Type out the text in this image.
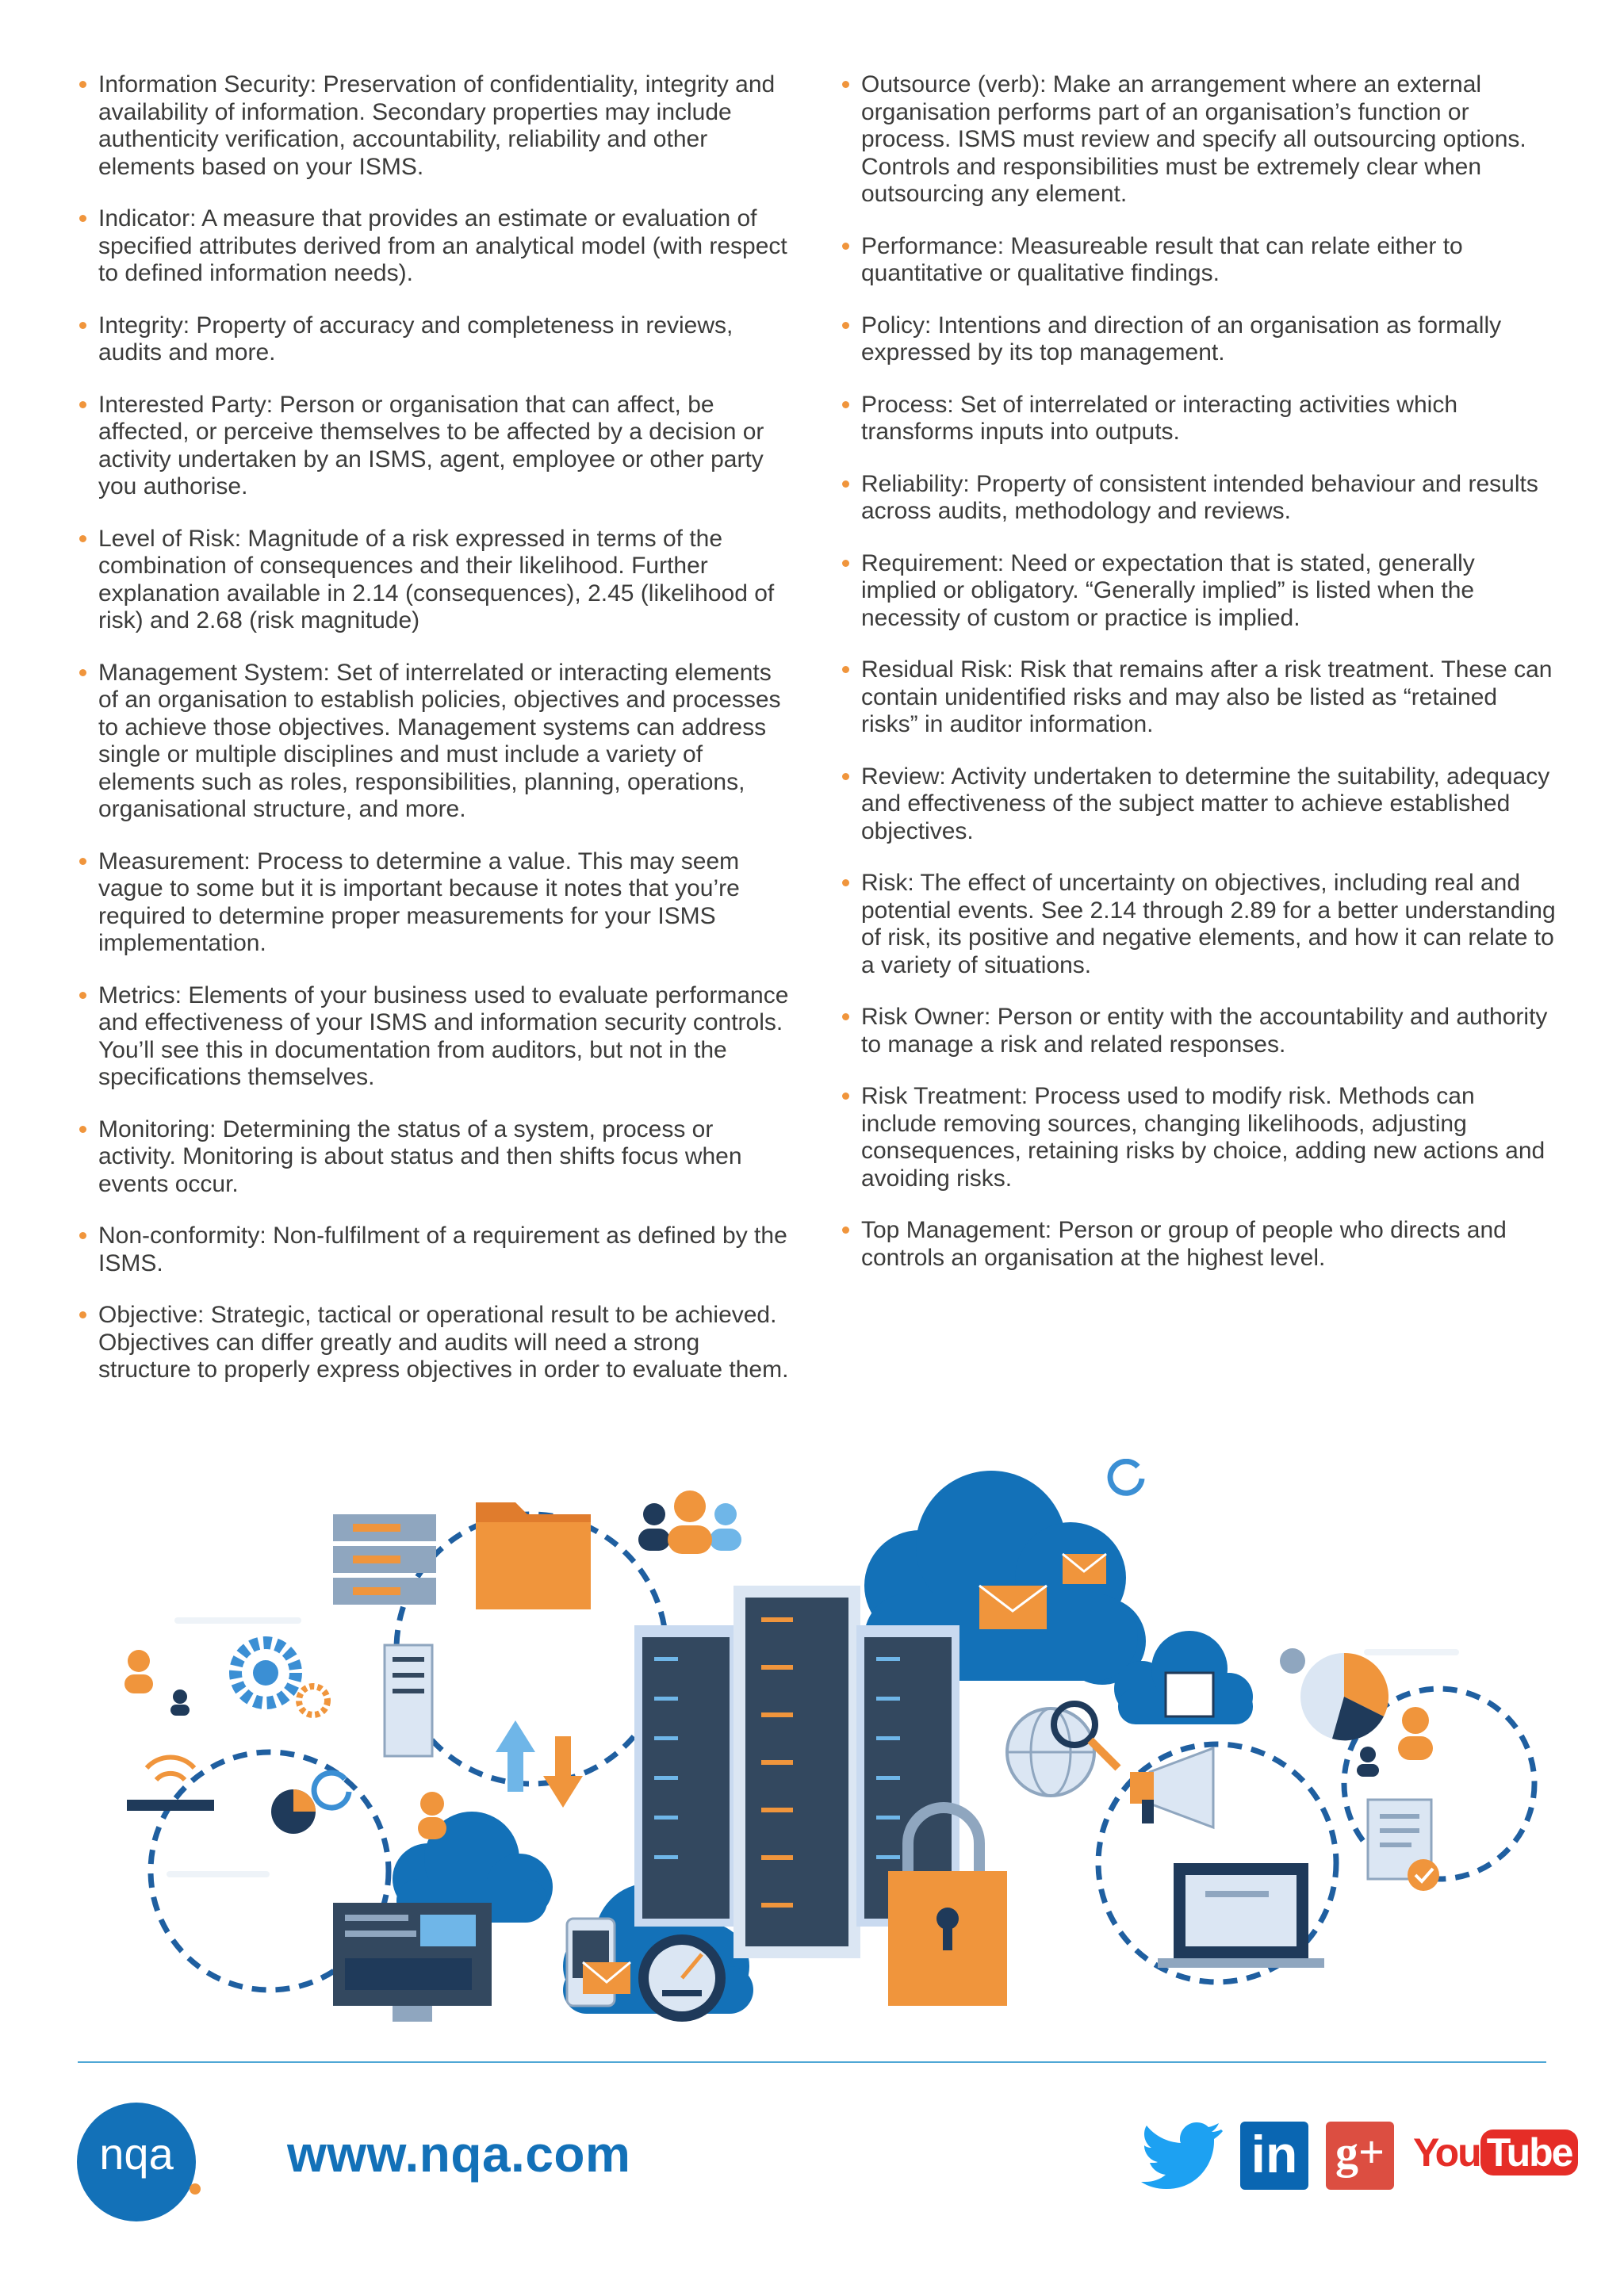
Information Security: Preservation of confidentiality, integrity and availability of information. Secondary properties may include authenticity verification, accountability, reliability and other elements based on your ISMS.
Indicator: A measure that provides an estimate or evaluation of specified attributes derived from an analytical model (with respect to defined information needs).
Integrity: Property of accuracy and completeness in reviews, audits and more.
Interested Party: Person or organisation that can affect, be affected, or perceive themselves to be affected by a decision or activity undertaken by an ISMS, agent, employee or other party you authorise.
Level of Risk: Magnitude of a risk expressed in terms of the combination of consequences and their likelihood. Further explanation available in 2.14 (consequences), 2.45 (likelihood of risk) and 2.68 (risk magnitude)
Management System: Set of interrelated or interacting elements of an organisation to establish policies, objectives and processes to achieve those objectives. Management systems can address single or multiple disciplines and must include a variety of elements such as roles, responsibilities, planning, operations, organisational structure, and more.
Measurement: Process to determine a value. This may seem vague to some but it is important because it notes that you’re required to determine proper measurements for your ISMS implementation.
Metrics: Elements of your business used to evaluate performance and effectiveness of your ISMS and information security controls. You’ll see this in documentation from auditors, but not in the specifications themselves.
Monitoring: Determining the status of a system, process or activity. Monitoring is about status and then shifts focus when events occur.
Non-conformity: Non-fulfilment of a requirement as defined by the ISMS.
Objective: Strategic, tactical or operational result to be achieved. Objectives can differ greatly and audits will need a strong structure to properly express objectives in order to evaluate them.
Outsource (verb): Make an arrangement where an external organisation performs part of an organisation’s function or process. ISMS must review and specify all outsourcing options. Controls and responsibilities must be extremely clear when outsourcing any element.
Performance: Measureable result that can relate either to quantitative or qualitative findings.
Policy: Intentions and direction of an organisation as formally expressed by its top management.
Process: Set of interrelated or interacting activities which transforms inputs into outputs.
Reliability: Property of consistent intended behaviour and results across audits, methodology and reviews.
Requirement: Need or expectation that is stated, generally implied or obligatory. “Generally implied” is listed when the necessity of custom or practice is implied.
Residual Risk: Risk that remains after a risk treatment. These can contain unidentified risks and may also be listed as “retained risks” in auditor information.
Review: Activity undertaken to determine the suitability, adequacy and effectiveness of the subject matter to achieve established objectives.
Risk: The effect of uncertainty on objectives, including real and potential events. See 2.14 through 2.89 for a better understanding of risk, its positive and negative elements, and how it can relate to a variety of situations.
Risk Owner: Person or entity with the accountability and authority to manage a risk and related responses.
Risk Treatment: Process used to modify risk. Methods can include removing sources, changing likelihoods, adjusting consequences, retaining risks by choice, adding new actions and avoiding risks.
Top Management: Person or group of people who directs and controls an organisation at the highest level.
nqa	www.nqa.com	in g+ You Tube
